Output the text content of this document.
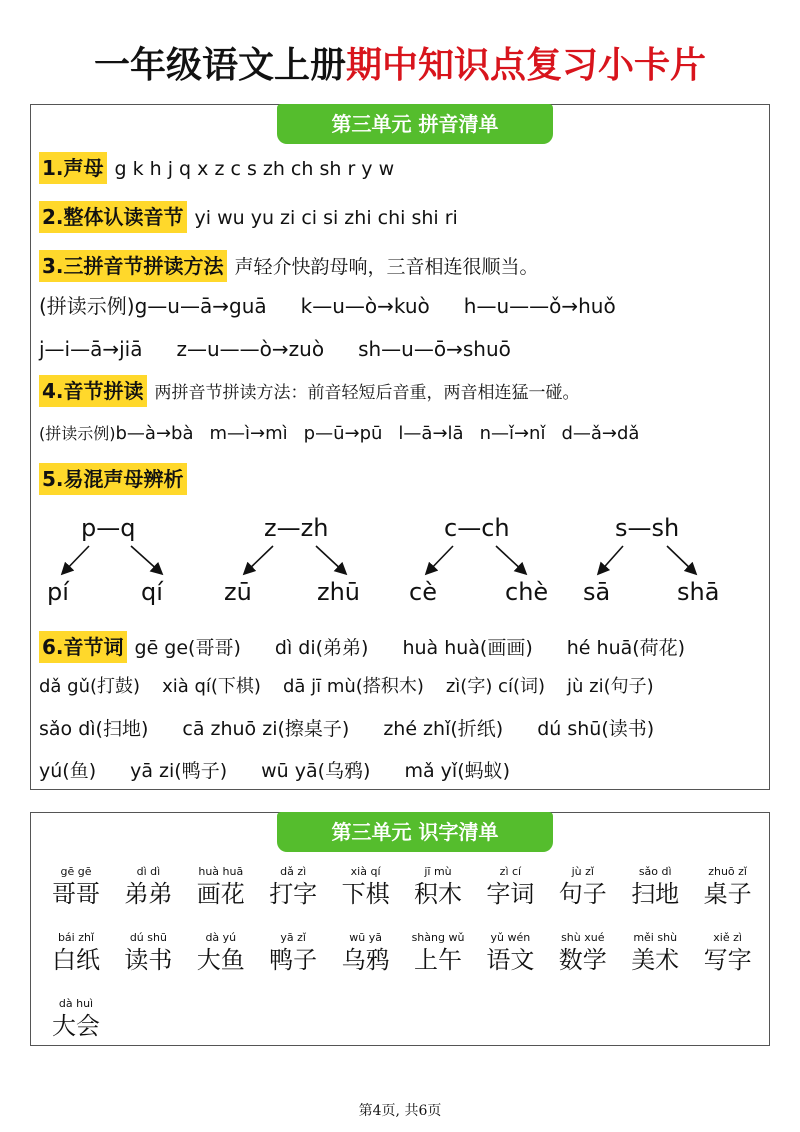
一年级语文上册期中知识点复习小卡片
第三单元 拼音清单
1.声母 g k h j q x z c s zh ch sh r y w
2.整体认读音节 yi wu yu zi ci si zhi chi shi ri
3.三拼音节拼读方法 声轻介快韵母响，三音相连很顺当。
(拼读示例)g—u—ā→guā k—u—ò→kuò h—u——ǒ→huǒ
j—i—ā→jiā z—u——ò→zuò sh—u—ō→shuō
4.音节拼读 两拼音节拼读方法：前音轻短后音重，两音相连猛一碰。
(拼读示例)b—à→bà m—ì→mì p—ū→pū l—ā→lā n—ǐ→nǐ d—ǎ→dǎ
5.易混声母辨析
p—q
pí	qí
z—zh
zū	zhū
c—ch
cè	chè
s—sh
sā	shā
6.音节词 gē ge(哥哥) dì di(弟弟) huà huà(画画) hé huā(荷花)
dǎ gǔ(打鼓) xià qí(下棋) dā jī mù(搭积木) zì(字) cí(词) jù zi(句子)
sǎo dì(扫地) cā zhuō zi(擦桌子) zhé zhǐ(折纸) dú shū(读书)
yú(鱼) yā zi(鸭子) wū yā(乌鸦) mǎ yǐ(蚂蚁)
第三单元 识字清单
gē gē
哥哥
dì dì
弟弟
huà huā
画花
dǎ zì
打字
xià qí
下棋
jī mù
积木
zì cí
字词
jù zǐ
句子
sǎo dì
扫地
zhuō zǐ
桌子
bái zhǐ
白纸
dú shū
读书
dà yú
大鱼
yā zǐ
鸭子
wū yā
乌鸦
shàng wǔ
上午
yǔ wén
语文
shù xué
数学
měi shù
美术
xiě zì
写字
dà huì
大会
第4页, 共6页
